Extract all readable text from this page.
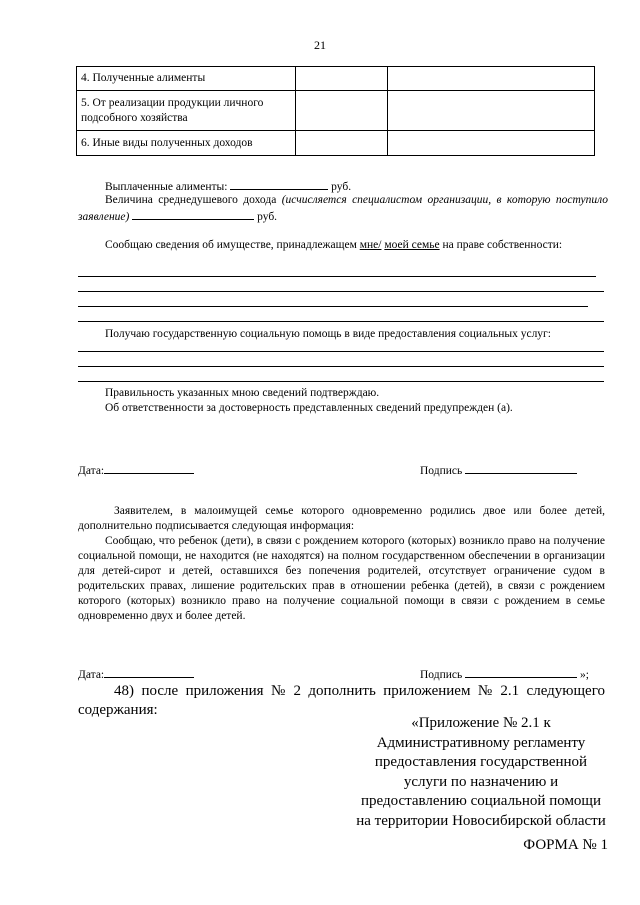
21
4. Полученные алименты		
5. От реализации продукции личного подсобного хозяйства		
6. Иные виды полученных доходов		
Выплаченные алименты:	руб.
Величина среднедушевого дохода (исчисляется специалистом организации, в которую поступило заявление)	руб.
Сообщаю сведения об имуществе, принадлежащем мне/ моей семье на праве собственности:
Получаю государственную социальную помощь в виде предоставления социальных услуг:
Правильность указанных мною сведений подтверждаю.
Об ответственности за достоверность представленных сведений предупрежден (а).
Дата:	Подпись
Заявителем, в малоимущей семье которого одновременно родились двое или более детей, дополнительно подписывается следующая информация:
Сообщаю, что ребенок (дети), в связи с рождением которого (которых) возникло право на получение социальной помощи, не находится (не находятся) на полном государственном обеспечении в организации для детей-сирот и детей, оставшихся без попечения родителей, отсутствует ограничение судом в родительских правах, лишение родительских прав в отношении ребенка (детей), в связи с рождением которого (которых) возникло право на получение социальной помощи в связи с рождением в семье одновременно двух и более детей.
Дата:	Подпись	»;
48) после приложения № 2 дополнить приложением № 2.1 следующего содержания:
«Приложение № 2.1 к
Административному регламенту
предоставления государственной
услуги по назначению и
предоставлению социальной помощи
на территории Новосибирской области
ФОРМА № 1
